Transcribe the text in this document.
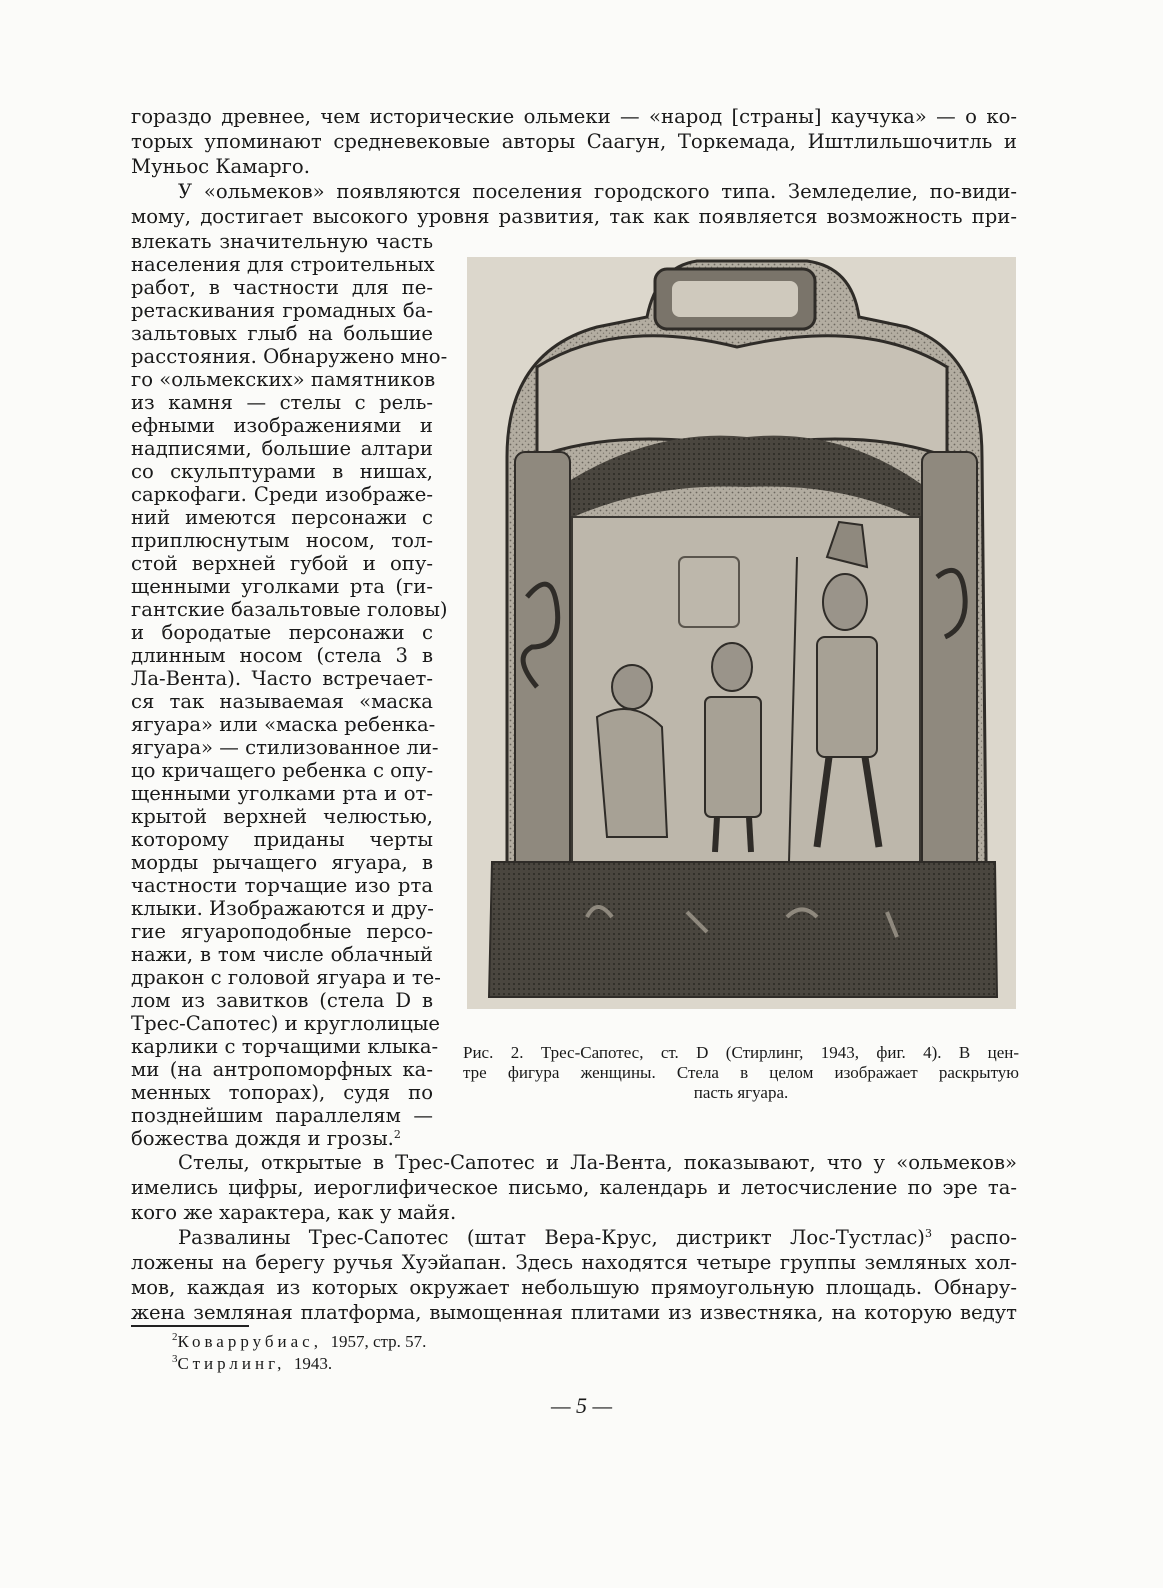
гораздо древнее, чем исторические ольмеки — «народ [страны] каучука» — о ко-
торых упоминают средневековые авторы Саагун, Торкемада, Иштлильшочитль и
Муньос Камарго.
У «ольмеков» появляются поселения городского типа. Земледелие, по-види-
мому, достигает высокого уровня развития, так как появляется возможность при-
влекать значительную часть
населения для строительных
работ, в частности для пе-
ретаскивания громадных ба-
зальтовых глыб на большие
расстояния. Обнаружено мно-
го «ольмекских» памятников
из камня — стелы с рель-
ефными изображениями и
надписями, большие алтари
со скульптурами в нишах,
саркофаги. Среди изображе-
ний имеются персонажи с
приплюснутым носом, тол-
стой верхней губой и опу-
щенными уголками рта (ги-
гантские базальтовые головы)
и бородатые персонажи с
длинным носом (стела 3 в
Ла-Вента). Часто встречает-
ся так называемая «маска
ягуара» или «маска ребенка-
ягуара» — стилизованное ли-
цо кричащего ребенка с опу-
щенными уголками рта и от-
крытой верхней челюстью,
которому приданы черты
морды рычащего ягуара, в
частности торчащие изо рта
клыки. Изображаются и дру-
гие ягуароподобные персо-
нажи, в том числе облачный
дракон с головой ягуара и те-
лом из завитков (стела D в
Трес-Сапотес) и круглолицые
карлики с торчащими клыка-
ми (на антропоморфных ка-
менных топорах), судя по
позднейшим параллелям —
божества дождя и грозы.$^2$
Рис. 2. Трес-Сапотес, ст. D (Стирлинг, 1943, фиг. 4). В цен-
тре фигура женщины. Стела в целом изображает раскрытую
пасть ягуара.
Стелы, открытые в Трес-Сапотес и Ла-Вента, показывают, что у «ольмеков»
имелись цифры, иероглифическое письмо, календарь и летосчисление по эре та-
кого же характера, как у майя.
Развалины Трес-Сапотес (штат Вера-Крус, дистрикт Лос-Тустлас)$^3$ распо-
ложены на берегу ручья Хуэйапан. Здесь находятся четыре группы земляных хол-
мов, каждая из которых окружает небольшую прямоугольную площадь. Обнару-
жена земляная платформа, вымощенная плитами из известняка, на которую ведут
$^2$Коваррубиас, 1957, стр. 57.
$^3$Стирлинг, 1943.
— 5 —
